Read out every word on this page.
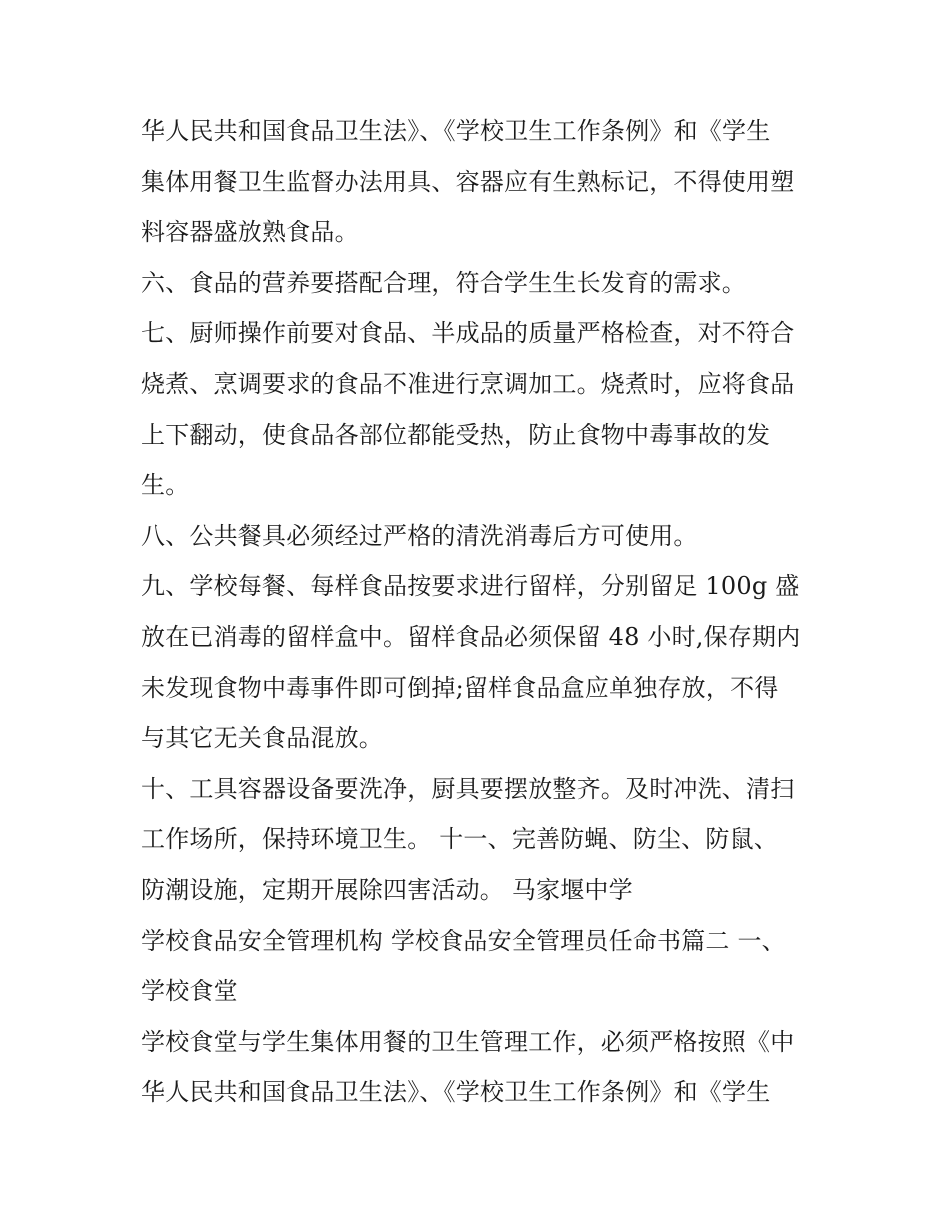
华人民共和国食品卫生法》、《学校卫生工作条例》和《学生
集体用餐卫生监督办法用具、容器应有生熟标记，不得使用塑
料容器盛放熟食品。
六、食品的营养要搭配合理，符合学生生长发育的需求。
七、厨师操作前要对食品、半成品的质量严格检查，对不符合
烧煮、烹调要求的食品不准进行烹调加工。烧煮时，应将食品
上下翻动，使食品各部位都能受热，防止食物中毒事故的发
生。
八、公共餐具必须经过严格的清洗消毒后方可使用。
九、学校每餐、每样食品按要求进行留样，分别留足 100g 盛
放在已消毒的留样盒中。留样食品必须保留 48 小时,保存期内
未发现食物中毒事件即可倒掉;留样食品盒应单独存放，不得
与其它无关食品混放。
十、工具容器设备要洗净，厨具要摆放整齐。及时冲洗、清扫
工作场所，保持环境卫生。 十一、完善防蝇、防尘、防鼠、
防潮设施，定期开展除四害活动。 马家堰中学
学校食品安全管理机构 学校食品安全管理员任命书篇二 一、
学校食堂
学校食堂与学生集体用餐的卫生管理工作，必须严格按照《中
华人民共和国食品卫生法》、《学校卫生工作条例》和《学生
